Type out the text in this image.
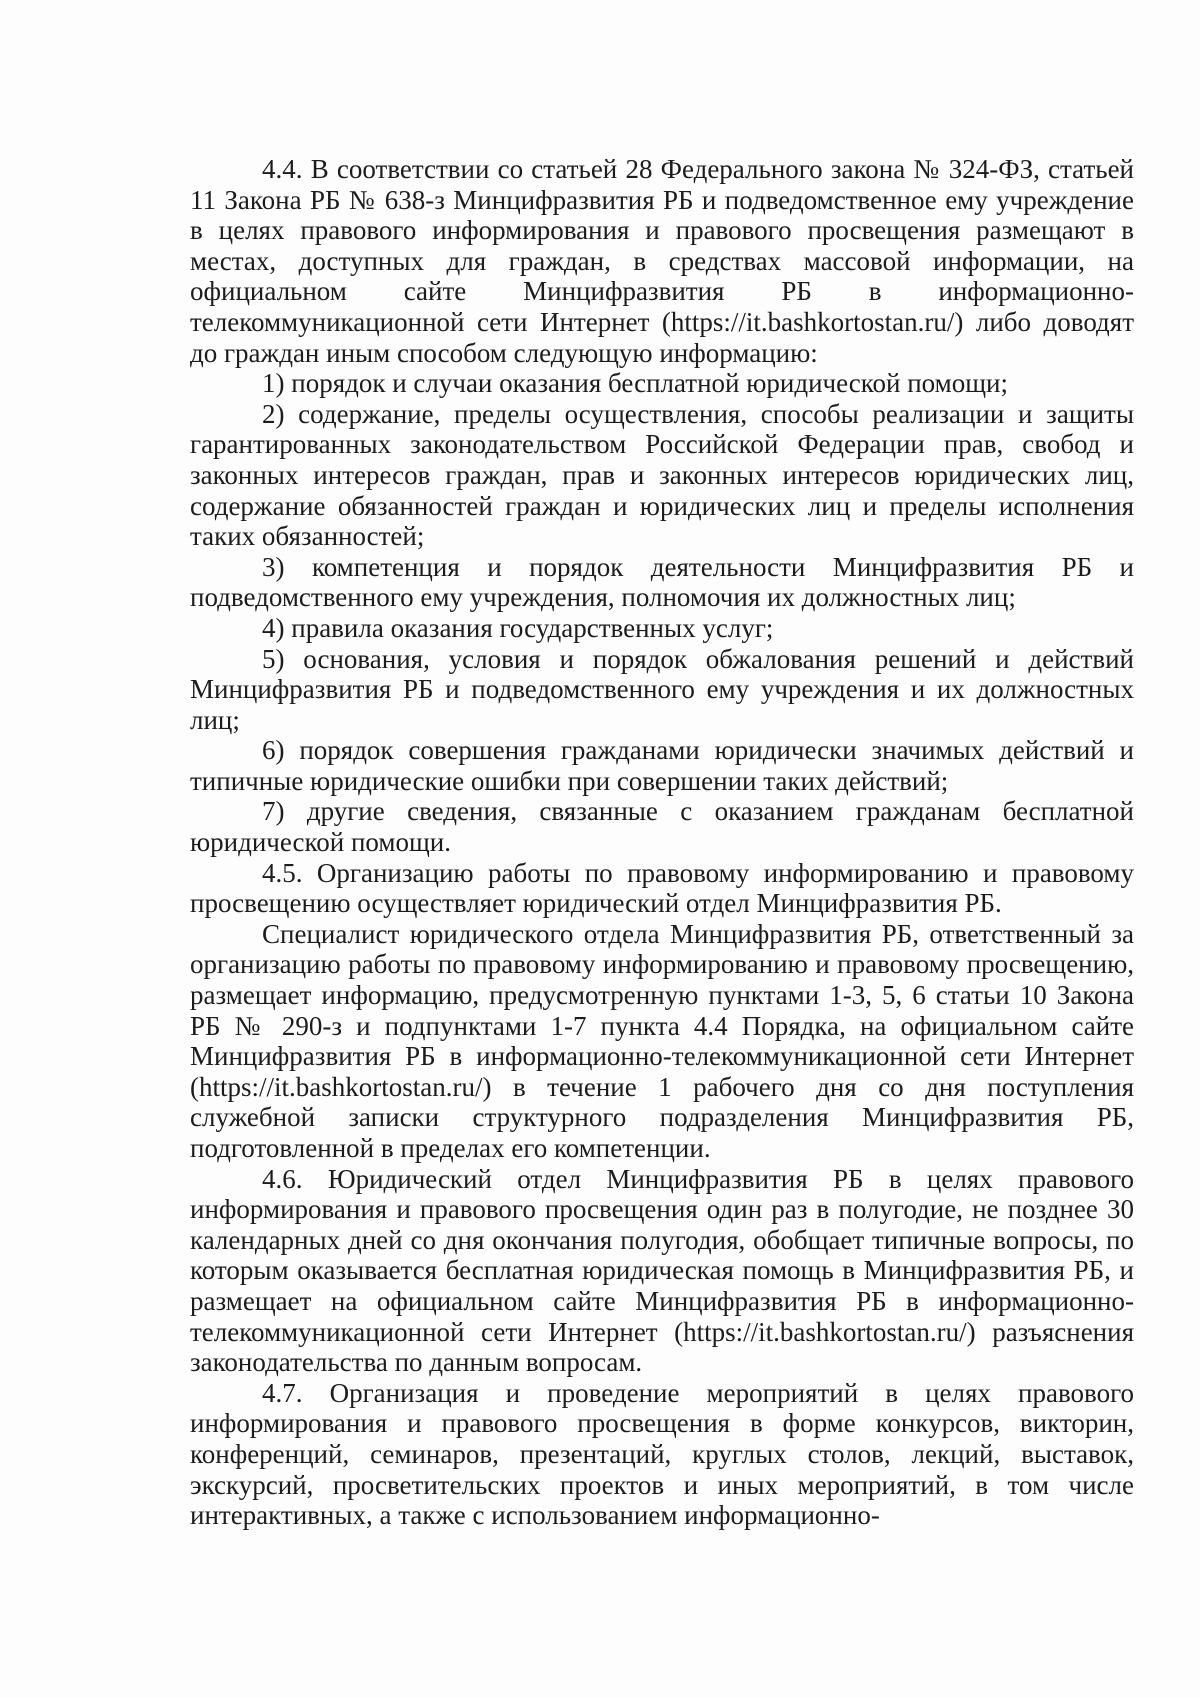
4.4. В соответствии со статьей 28 Федерального закона № 324-ФЗ, статьей 11 Закона РБ № 638-з Минцифразвития РБ и подведомственное ему учреждение в целях правового информирования и правового просвещения размещают в местах, доступных для граждан, в средствах массовой информации, на официальном сайте Минцифразвития РБ в информационно-телекоммуникационной сети Интернет (https://it.bashkortostan.ru/) либо доводят до граждан иным способом следующую информацию:

1) порядок и случаи оказания бесплатной юридической помощи;

2) содержание, пределы осуществления, способы реализации и защиты гарантированных законодательством Российской Федерации прав, свобод и законных интересов граждан, прав и законных интересов юридических лиц, содержание обязанностей граждан и юридических лиц и пределы исполнения таких обязанностей;

3) компетенция и порядок деятельности Минцифразвития РБ и подведомственного ему учреждения, полномочия их должностных лиц;

4) правила оказания государственных услуг;

5) основания, условия и порядок обжалования решений и действий Минцифразвития РБ и подведомственного ему учреждения и их должностных лиц;

6) порядок совершения гражданами юридически значимых действий и типичные юридические ошибки при совершении таких действий;

7) другие сведения, связанные с оказанием гражданам бесплатной юридической помощи.

4.5. Организацию работы по правовому информированию и правовому просвещению осуществляет юридический отдел Минцифразвития РБ.

Специалист юридического отдела Минцифразвития РБ, ответственный за организацию работы по правовому информированию и правовому просвещению, размещает информацию, предусмотренную пунктами 1-3, 5, 6 статьи 10 Закона РБ № 290-з и подпунктами 1-7 пункта 4.4 Порядка, на официальном сайте Минцифразвития РБ в информационно-телекоммуникационной сети Интернет (https://it.bashkortostan.ru/) в течение 1 рабочего дня со дня поступления служебной записки структурного подразделения Минцифразвития РБ, подготовленной в пределах его компетенции.

4.6. Юридический отдел Минцифразвития РБ в целях правового информирования и правового просвещения один раз в полугодие, не позднее 30 календарных дней со дня окончания полугодия, обобщает типичные вопросы, по которым оказывается бесплатная юридическая помощь в Минцифразвития РБ, и размещает на официальном сайте Минцифразвития РБ в информационно-телекоммуникационной сети Интернет (https://it.bashkortostan.ru/) разъяснения законодательства по данным вопросам.

4.7. Организация и проведение мероприятий в целях правового информирования и правового просвещения в форме конкурсов, викторин, конференций, семинаров, презентаций, круглых столов, лекций, выставок, экскурсий, просветительских проектов и иных мероприятий, в том числе интерактивных, а также с использованием информационно-
